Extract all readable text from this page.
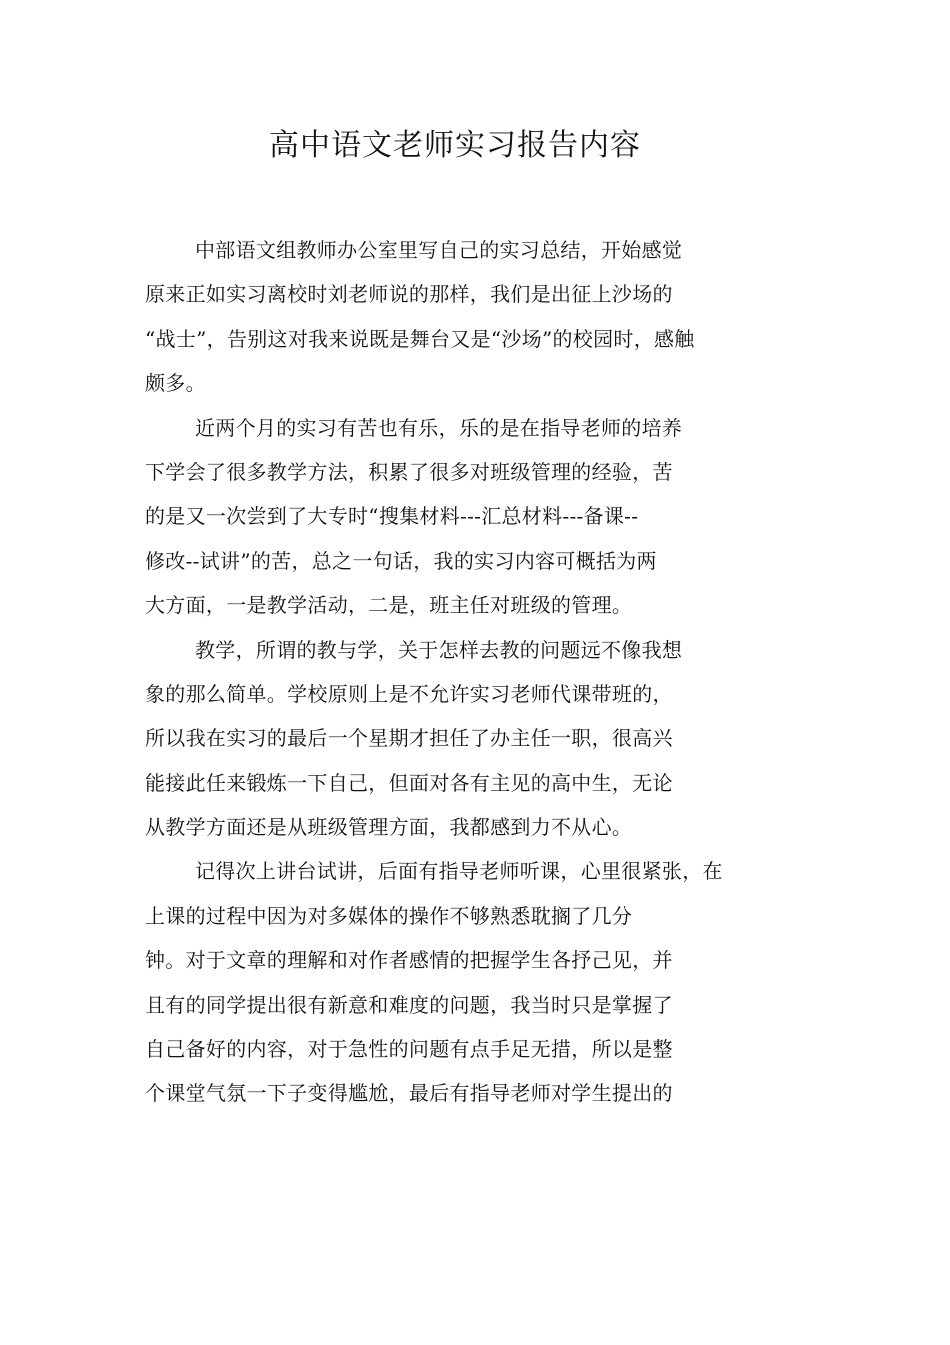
高中语文老师实习报告内容
中部语文组教师办公室里写自己的实习总结，开始感觉
原来正如实习离校时刘老师说的那样，我们是出征上沙场的
“战士”，告别这对我来说既是舞台又是“沙场”的校园时，感触
颇多。
近两个月的实习有苦也有乐，乐的是在指导老师的培养
下学会了很多教学方法，积累了很多对班级管理的经验，苦
的是又一次尝到了大专时“搜集材料---汇总材料---备课--
修改--试讲”的苦，总之一句话，我的实习内容可概括为两
大方面，一是教学活动，二是，班主任对班级的管理。
教学，所谓的教与学，关于怎样去教的问题远不像我想
象的那么简单。学校原则上是不允许实习老师代课带班的，
所以我在实习的最后一个星期才担任了办主任一职，很高兴
能接此任来锻炼一下自己，但面对各有主见的高中生，无论
从教学方面还是从班级管理方面，我都感到力不从心。
记得次上讲台试讲，后面有指导老师听课，心里很紧张，在
上课的过程中因为对多媒体的操作不够熟悉耽搁了几分
钟。对于文章的理解和对作者感情的把握学生各抒己见，并
且有的同学提出很有新意和难度的问题，我当时只是掌握了
自己备好的内容，对于急性的问题有点手足无措，所以是整
个课堂气氛一下子变得尴尬，最后有指导老师对学生提出的
